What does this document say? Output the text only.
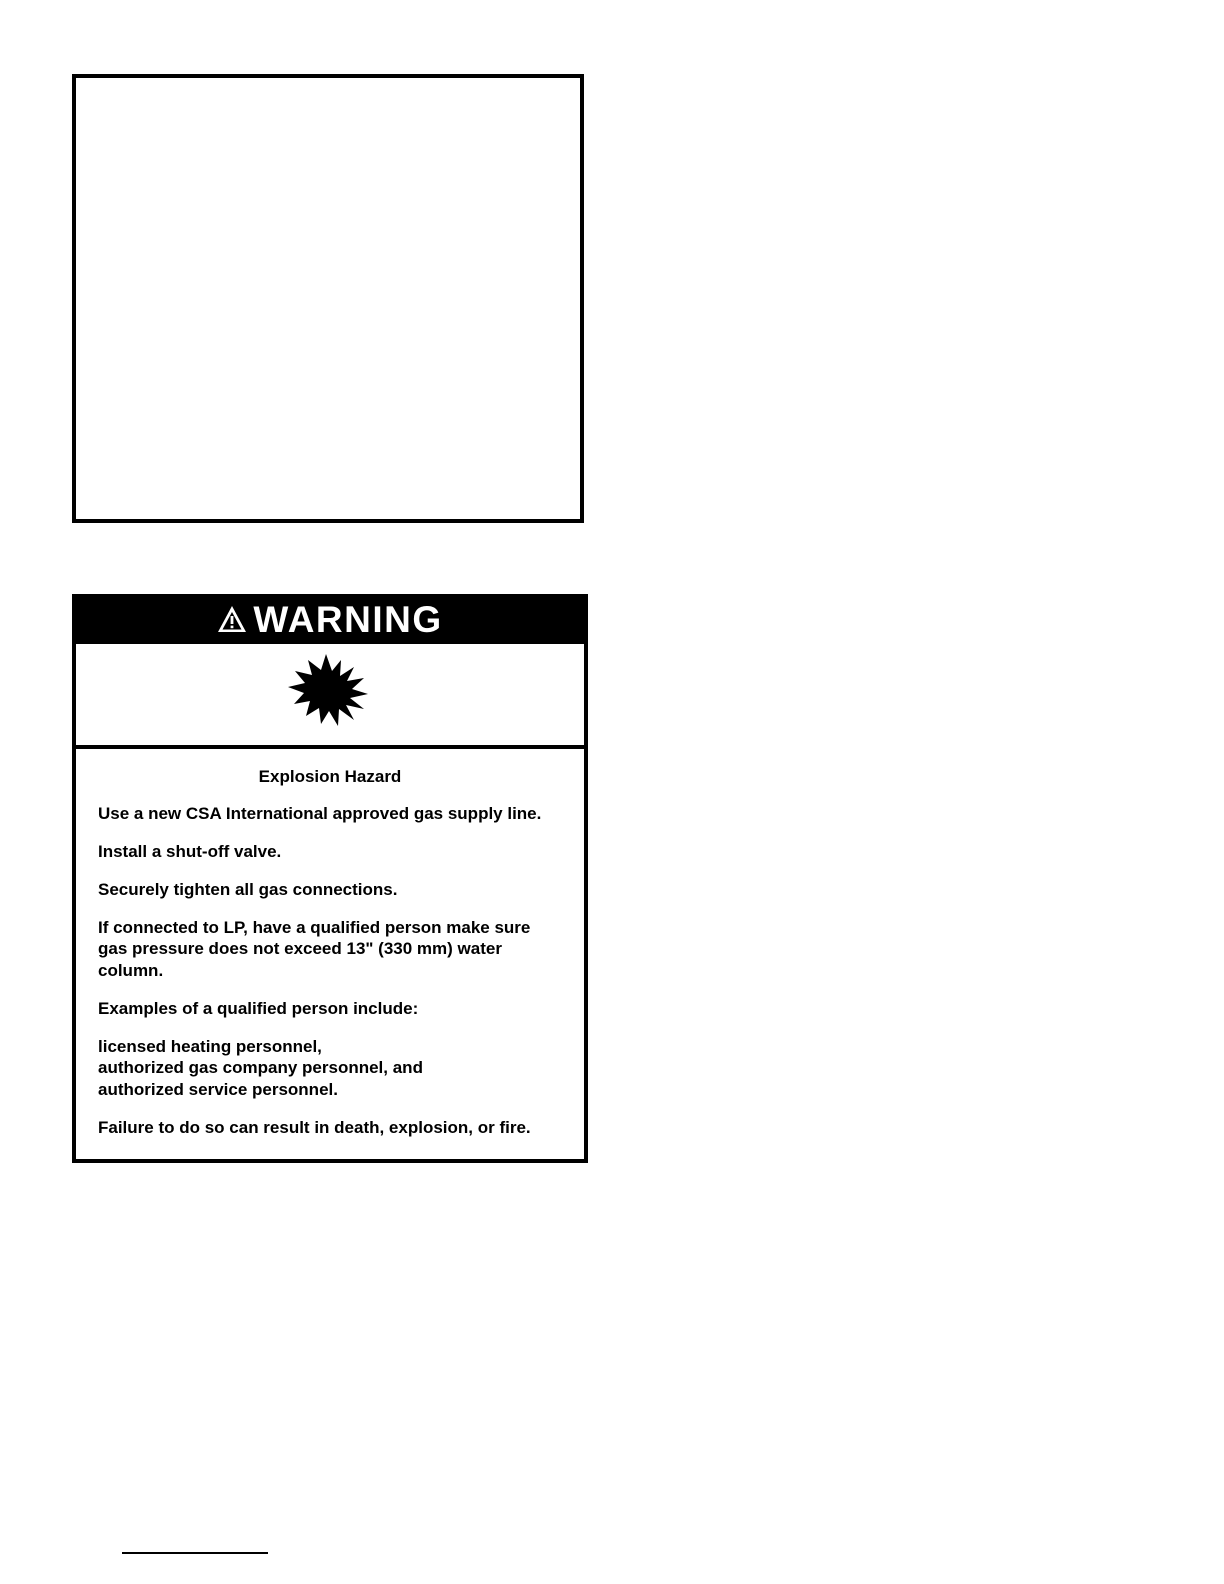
WARNING
Explosion Hazard
Use a new CSA International approved gas supply line.
Install a shut-off valve.
Securely tighten all gas connections.
If connected to LP, have a qualified person make sure gas pressure does not exceed 13" (330 mm) water column.
Examples of a qualified person include:
licensed heating personnel,
authorized gas company personnel, and
authorized service personnel.
Failure to do so can result in death, explosion, or fire.
